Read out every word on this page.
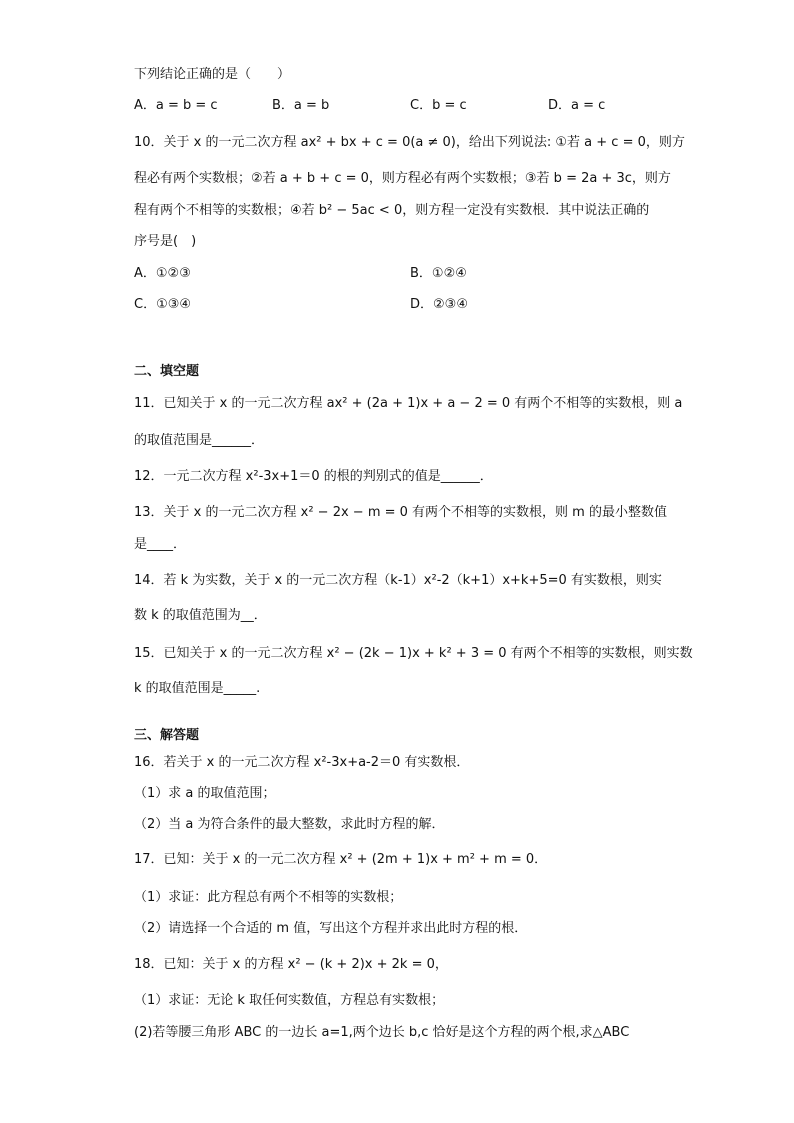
下列结论正确的是（　　）
A．a = b = c	B．a = b	C．b = c	D．a = c
10．关于 x 的一元二次方程 ax² + bx + c = 0(a ≠ 0)，给出下列说法: ①若 a + c = 0，则方
程必有两个实数根；②若 a + b + c = 0，则方程必有两个实数根；③若 b = 2a + 3c，则方
程有两个不相等的实数根；④若 b² − 5ac < 0，则方程一定没有实数根．其中说法正确的
序号是(　)
A．①②③	B．①②④
C．①③④	D．②③④
二、填空题
11．已知关于 x 的一元二次方程 ax² + (2a + 1)x + a − 2 = 0 有两个不相等的实数根，则 a
的取值范围是______．
12．一元二次方程 x²-3x+1＝0 的根的判别式的值是______．
13．关于 x 的一元二次方程 x² − 2x − m = 0 有两个不相等的实数根，则 m 的最小整数值
是____．
14．若 k 为实数，关于 x 的一元二次方程（k-1）x²-2（k+1）x+k+5=0 有实数根，则实
数 k 的取值范围为__．
15．已知关于 x 的一元二次方程 x² − (2k − 1)x + k² + 3 = 0 有两个不相等的实数根，则实数
k 的取值范围是_____.
三、解答题
16．若关于 x 的一元二次方程 x²-3x+a-2＝0 有实数根．
（1）求 a 的取值范围；
（2）当 a 为符合条件的最大整数，求此时方程的解．
17．已知：关于 x 的一元二次方程 x² + (2m + 1)x + m² + m = 0．
（1）求证：此方程总有两个不相等的实数根；
（2）请选择一个合适的 m 值，写出这个方程并求出此时方程的根．
18．已知：关于 x 的方程 x² − (k + 2)x + 2k = 0，
（1）求证：无论 k 取任何实数值，方程总有实数根；
(2)若等腰三角形 ABC 的一边长 a=1,两个边长 b,c 恰好是这个方程的两个根,求△ABC
